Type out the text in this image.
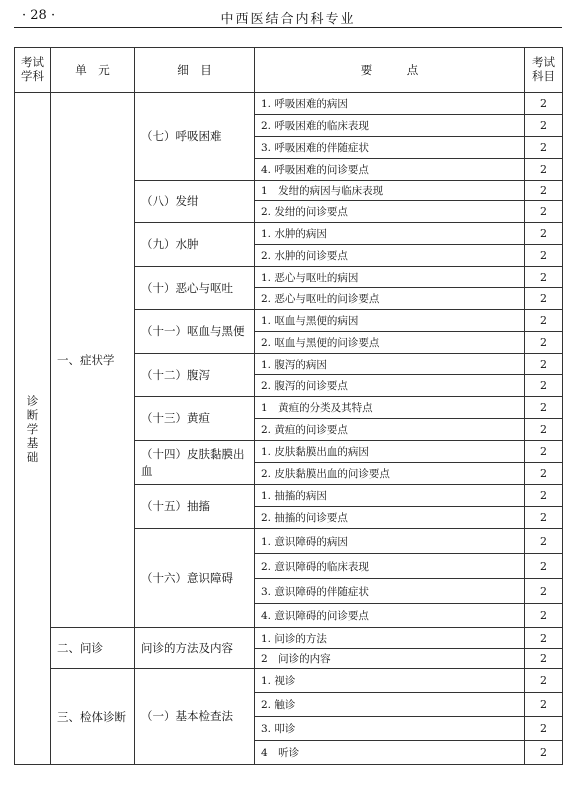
· 28 ·	中西医结合内科专业
考试学科	单　元	细　目	要　　　点	考试科目
诊断学基础	一、症状学	（七）呼吸困难	1. 呼吸困难的病因	2
			2. 呼吸困难的临床表现	2
			3. 呼吸困难的伴随症状	2
			4. 呼吸困难的问诊要点	2
		（八）发绀	1　发绀的病因与临床表现	2
			2. 发绀的问诊要点	2
		（九）水肿	1. 水肿的病因	2
			2. 水肿的问诊要点	2
		（十）恶心与呕吐	1. 恶心与呕吐的病因	2
			2. 恶心与呕吐的问诊要点	2
		（十一）呕血与黑便	1. 呕血与黑便的病因	2
			2. 呕血与黑便的问诊要点	2
		（十二）腹泻	1. 腹泻的病因	2
			2. 腹泻的问诊要点	2
		（十三）黄疸	1　黄疸的分类及其特点	2
			2. 黄疸的问诊要点	2
		（十四）皮肤黏膜出血	1. 皮肤黏膜出血的病因	2
			2. 皮肤黏膜出血的问诊要点	2
		（十五）抽搐	1. 抽搐的病因	2
			2. 抽搐的问诊要点	2
		（十六）意识障碍	1. 意识障碍的病因	2
			2. 意识障碍的临床表现	2
			3. 意识障碍的伴随症状	2
			4. 意识障碍的问诊要点	2
	二、问诊	问诊的方法及内容	1. 问诊的方法	2
			2　问诊的内容	2
	三、检体诊断	（一）基本检查法	1. 视诊	2
			2. 触诊	2
			3. 叩诊	2
			4　听诊	2
